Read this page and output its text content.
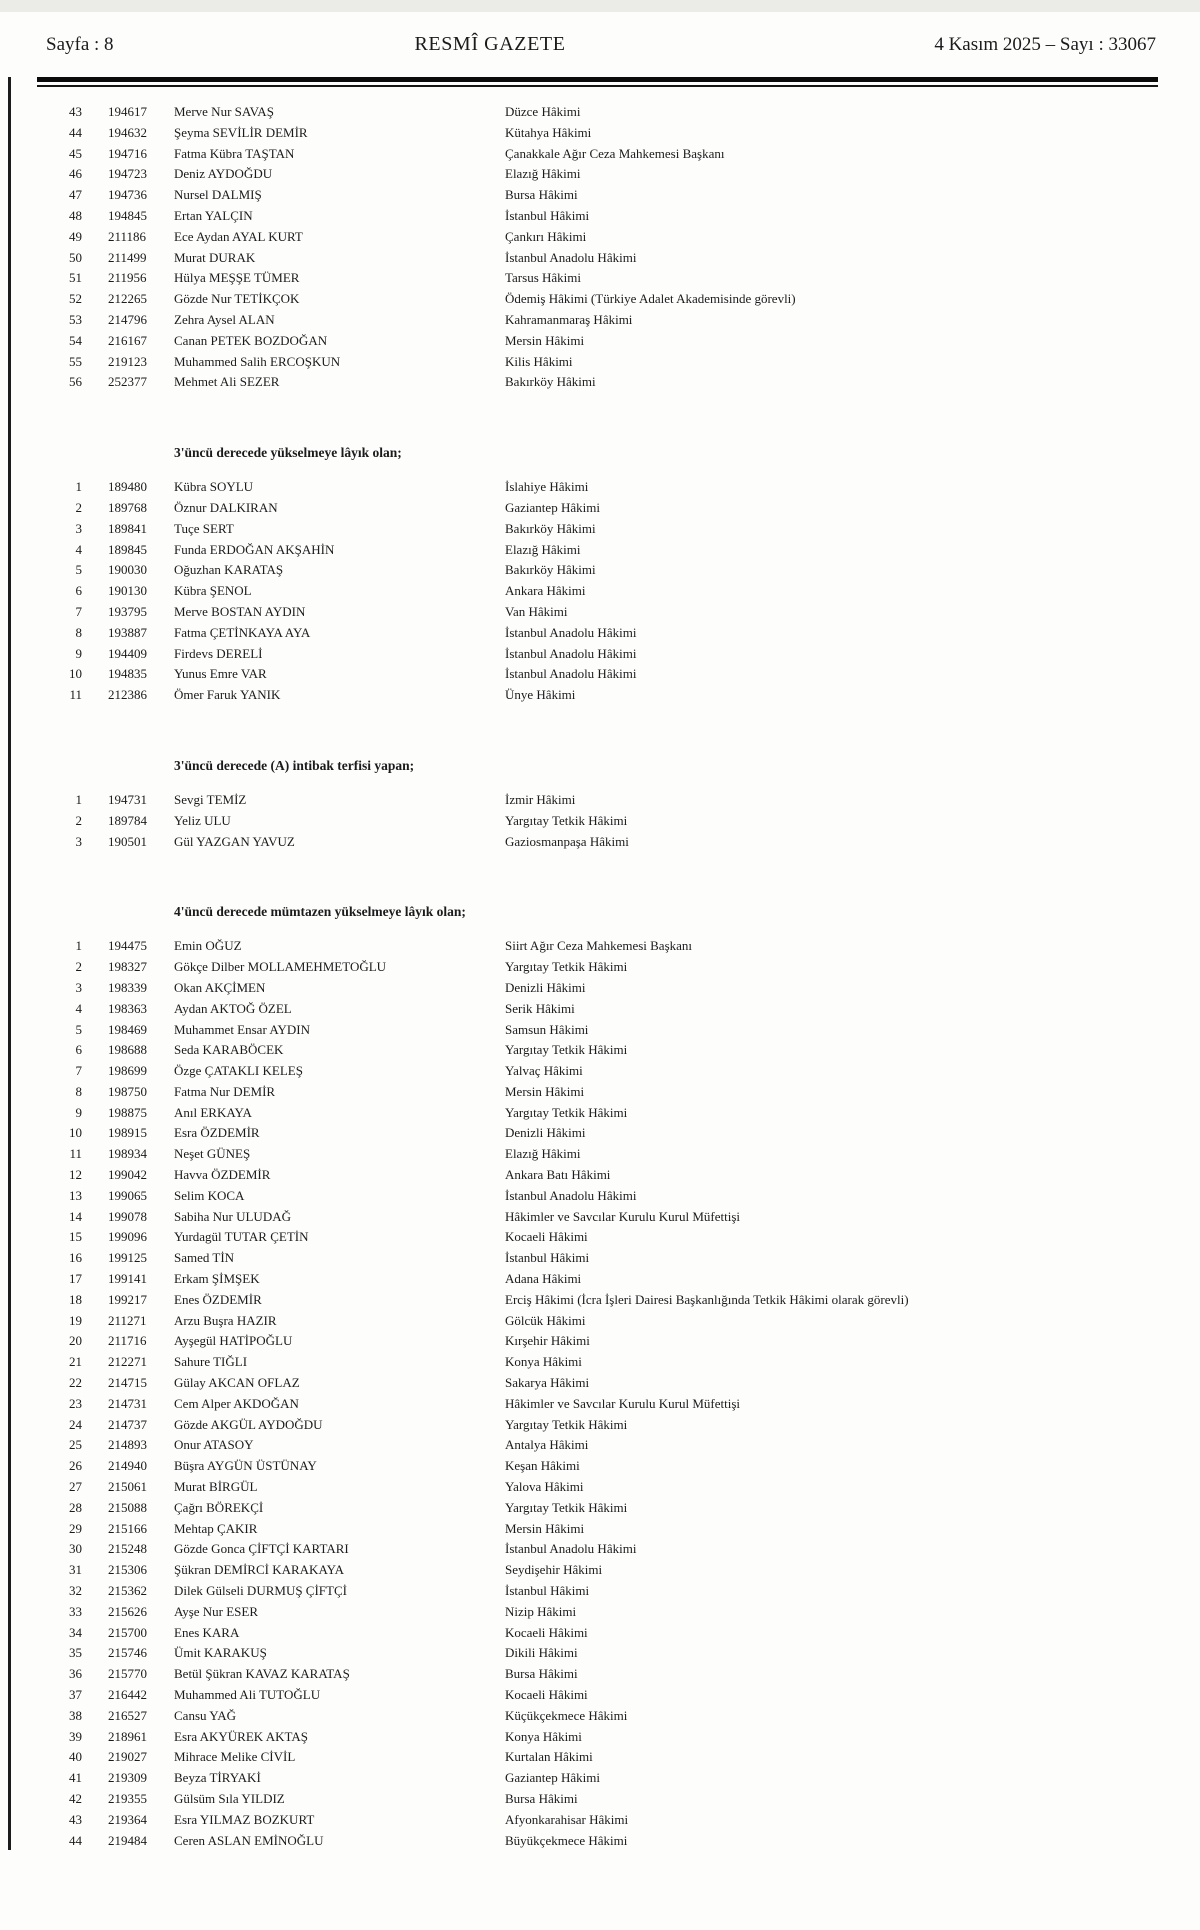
Sayfa : 8	RESMÎ GAZETE	4 Kasım 2025 – Sayı : 33067
43 194617 Merve Nur SAVAŞ	Düzce Hâkimi
44 194632 Şeyma SEVİLİR DEMİR	Kütahya Hâkimi
45 194716 Fatma Kübra TAŞTAN	Çanakkale Ağır Ceza Mahkemesi Başkanı
46 194723 Deniz AYDOĞDU	Elazığ Hâkimi
47 194736 Nursel DALMIŞ	Bursa Hâkimi
48 194845 Ertan YALÇIN	İstanbul Hâkimi
49 211186 Ece Aydan AYAL KURT	Çankırı Hâkimi
50 211499 Murat DURAK	İstanbul Anadolu Hâkimi
51 211956 Hülya MEŞŞE TÜMER	Tarsus Hâkimi
52 212265 Gözde Nur TETİKÇOK	Ödemiş Hâkimi (Türkiye Adalet Akademisinde görevli)
53 214796 Zehra Aysel ALAN	Kahramanmaraş Hâkimi
54 216167 Canan PETEK BOZDOĞAN	Mersin Hâkimi
55 219123 Muhammed Salih ERCOŞKUN	Kilis Hâkimi
56 252377 Mehmet Ali SEZER	Bakırköy Hâkimi
3'üncü derecede yükselmeye lâyık olan;
1 189480 Kübra SOYLU	İslahiye Hâkimi
2 189768 Öznur DALKIRAN	Gaziantep Hâkimi
3 189841 Tuçe SERT	Bakırköy Hâkimi
4 189845 Funda ERDOĞAN AKŞAHİN	Elazığ Hâkimi
5 190030 Oğuzhan KARATAŞ	Bakırköy Hâkimi
6 190130 Kübra ŞENOL	Ankara Hâkimi
7 193795 Merve BOSTAN AYDIN	Van Hâkimi
8 193887 Fatma ÇETİNKAYA AYA	İstanbul Anadolu Hâkimi
9 194409 Firdevs DERELİ	İstanbul Anadolu Hâkimi
10 194835 Yunus Emre VAR	İstanbul Anadolu Hâkimi
11 212386 Ömer Faruk YANIK	Ünye Hâkimi
3'üncü derecede (A) intibak terfisi yapan;
1 194731 Sevgi TEMİZ	İzmir Hâkimi
2 189784 Yeliz ULU	Yargıtay Tetkik Hâkimi
3 190501 Gül YAZGAN YAVUZ	Gaziosmanpaşa Hâkimi
4'üncü derecede mümtazen yükselmeye lâyık olan;
1 194475 Emin OĞUZ	Siirt Ağır Ceza Mahkemesi Başkanı
2 198327 Gökçe Dilber MOLLAMEHMETOĞLU	Yargıtay Tetkik Hâkimi
3 198339 Okan AKÇİMEN	Denizli Hâkimi
4 198363 Aydan AKTOĞ ÖZEL	Serik Hâkimi
5 198469 Muhammet Ensar AYDIN	Samsun Hâkimi
6 198688 Seda KARABÖCEK	Yargıtay Tetkik Hâkimi
7 198699 Özge ÇATAKLI KELEŞ	Yalvaç Hâkimi
8 198750 Fatma Nur DEMİR	Mersin Hâkimi
9 198875 Anıl ERKAYA	Yargıtay Tetkik Hâkimi
10 198915 Esra ÖZDEMİR	Denizli Hâkimi
11 198934 Neşet GÜNEŞ	Elazığ Hâkimi
12 199042 Havva ÖZDEMİR	Ankara Batı Hâkimi
13 199065 Selim KOCA	İstanbul Anadolu Hâkimi
14 199078 Sabiha Nur ULUDAĞ	Hâkimler ve Savcılar Kurulu Kurul Müfettişi
15 199096 Yurdagül TUTAR ÇETİN	Kocaeli Hâkimi
16 199125 Samed TİN	İstanbul Hâkimi
17 199141 Erkam ŞİMŞEK	Adana Hâkimi
18 199217 Enes ÖZDEMİR	Erciş Hâkimi (İcra İşleri Dairesi Başkanlığında Tetkik Hâkimi olarak görevli)
19 211271 Arzu Buşra HAZIR	Gölcük Hâkimi
20 211716 Ayşegül HATİPOĞLU	Kırşehir Hâkimi
21 212271 Sahure TIĞLI	Konya Hâkimi
22 214715 Gülay AKCAN OFLAZ	Sakarya Hâkimi
23 214731 Cem Alper AKDOĞAN	Hâkimler ve Savcılar Kurulu Kurul Müfettişi
24 214737 Gözde AKGÜL AYDOĞDU	Yargıtay Tetkik Hâkimi
25 214893 Onur ATASOY	Antalya Hâkimi
26 214940 Büşra AYGÜN ÜSTÜNAY	Keşan Hâkimi
27 215061 Murat BİRGÜL	Yalova Hâkimi
28 215088 Çağrı BÖREKÇİ	Yargıtay Tetkik Hâkimi
29 215166 Mehtap ÇAKIR	Mersin Hâkimi
30 215248 Gözde Gonca ÇİFTÇİ KARTARI	İstanbul Anadolu Hâkimi
31 215306 Şükran DEMİRCİ KARAKAYA	Seydişehir Hâkimi
32 215362 Dilek Gülseli DURMUŞ ÇİFTÇİ	İstanbul Hâkimi
33 215626 Ayşe Nur ESER	Nizip Hâkimi
34 215700 Enes KARA	Kocaeli Hâkimi
35 215746 Ümit KARAKUŞ	Dikili Hâkimi
36 215770 Betül Şükran KAVAZ KARATAŞ	Bursa Hâkimi
37 216442 Muhammed Ali TUTOĞLU	Kocaeli Hâkimi
38 216527 Cansu YAĞ	Küçükçekmece Hâkimi
39 218961 Esra AKYÜREK AKTAŞ	Konya Hâkimi
40 219027 Mihrace Melike CİVİL	Kurtalan Hâkimi
41 219309 Beyza TİRYAKİ	Gaziantep Hâkimi
42 219355 Gülsüm Sıla YILDIZ	Bursa Hâkimi
43 219364 Esra YILMAZ BOZKURT	Afyonkarahisar Hâkimi
44 219484 Ceren ASLAN EMİNOĞLU	Büyükçekmece Hâkimi
